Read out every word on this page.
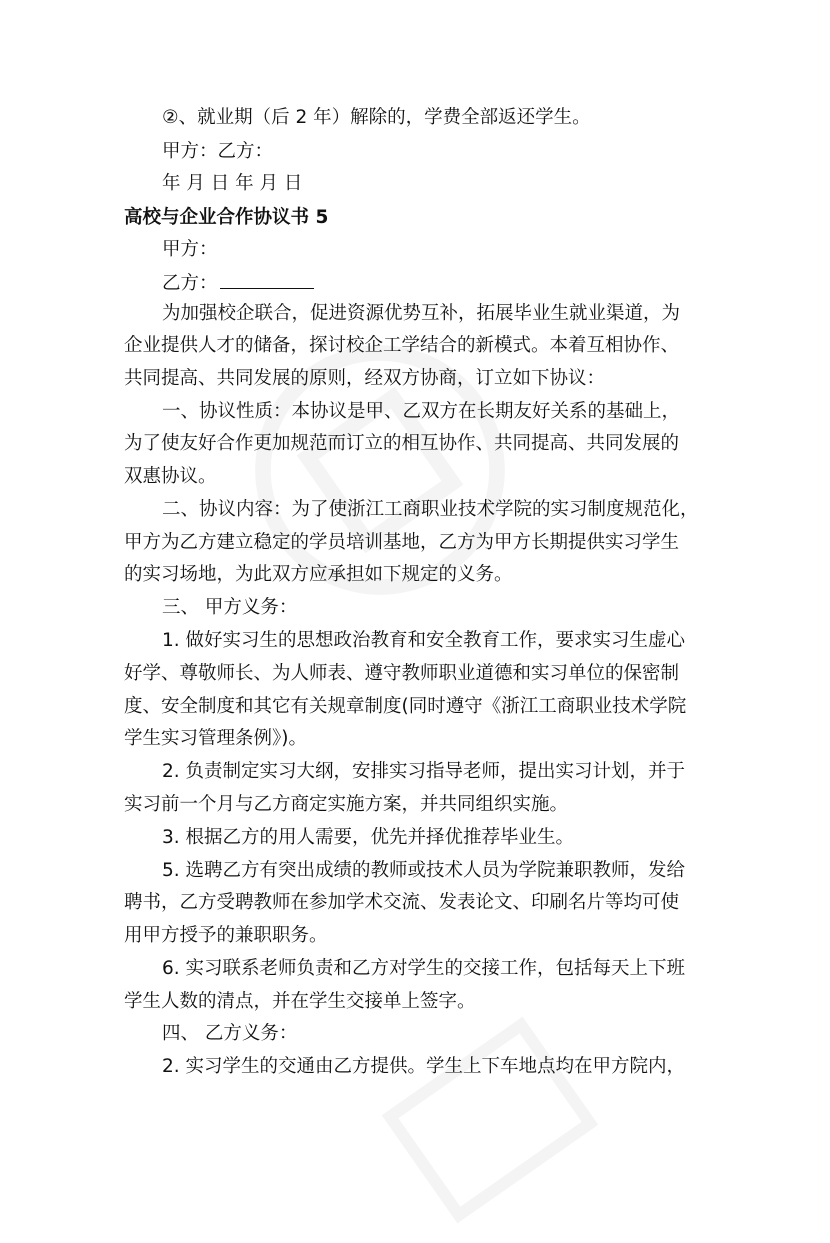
②、就业期（后 2 年）解除的，学费全部返还学生。
甲方：乙方：
年 月 日 年 月 日
高校与企业合作协议书 5
甲方：
乙方：
为加强校企联合，促进资源优势互补，拓展毕业生就业渠道，为
企业提供人才的储备，探讨校企工学结合的新模式。本着互相协作、
共同提高、共同发展的原则，经双方协商，订立如下协议：
一、协议性质：本协议是甲、乙双方在长期友好关系的基础上，
为了使友好合作更加规范而订立的相互协作、共同提高、共同发展的
双惠协议。
二、协议内容：为了使浙江工商职业技术学院的实习制度规范化，
甲方为乙方建立稳定的学员培训基地，乙方为甲方长期提供实习学生
的实习场地，为此双方应承担如下规定的义务。
三、 甲方义务：
1. 做好实习生的思想政治教育和安全教育工作，要求实习生虚心
好学、尊敬师长、为人师表、遵守教师职业道德和实习单位的保密制
度、安全制度和其它有关规章制度(同时遵守《浙江工商职业技术学院
学生实习管理条例》)。
2. 负责制定实习大纲，安排实习指导老师，提出实习计划，并于
实习前一个月与乙方商定实施方案，并共同组织实施。
3. 根据乙方的用人需要，优先并择优推荐毕业生。
5. 选聘乙方有突出成绩的教师或技术人员为学院兼职教师，发给
聘书，乙方受聘教师在参加学术交流、发表论文、印刷名片等均可使
用甲方授予的兼职职务。
6. 实习联系老师负责和乙方对学生的交接工作，包括每天上下班
学生人数的清点，并在学生交接单上签字。
四、 乙方义务：
2. 实习学生的交通由乙方提供。学生上下车地点均在甲方院内，
